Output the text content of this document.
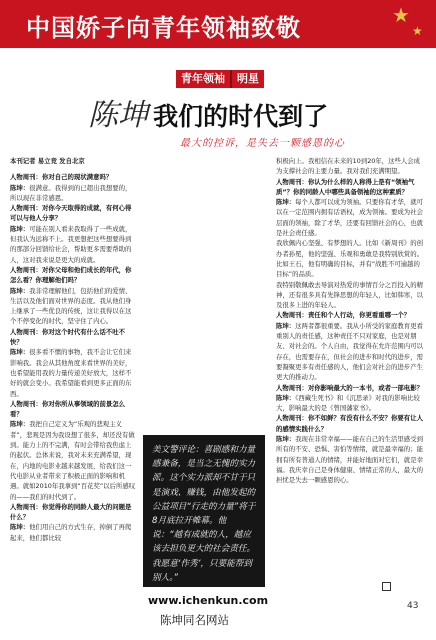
中国娇子向青年领袖致敬	★
★
青年领袖	明星
陈坤 我们的时代到了
最大的控诉，是失去一颗感恩的心

本刊记者 易立竞 发自北京

人物周刊：你对自己的现状满意吗？

陈坤：很满意。我得到的已超出我想要的，所以现在非常感恩。

人物周刊：对你今天取得的成就，有何心得可以与他人分享？

陈坤：可能在别人看来我取得了一些成就，但我认为远称不上。我更想把这些想要得到的那部分回馈给社会，帮助更多需要帮助的人，这对我来说是更大的成就。

人物周刊：对你父母和他们成长的年代，你怎么看？你理解他们吗？

陈坤：我非常理解他们，包括他们的爱情、生活以及他们面对世界的态度。我从他们身上继承了一些优良的传统，这让我得以在这个不停变化的时代，坚守住了内心。

人物周刊：你对这个时代有什么话不吐不快？

陈坤：很多看不惯的事物，我不会让它们来影响我。我会从其他角度来看世界的美好，也希望能用我的力量传递美好放大，这样不好的就会变小。我希望能看到更多正面的东西。

人物周刊：你对你所从事领域的前景怎么看？

陈坤：我把自己定义为“乐观的悲观主义者”，悲观是因为我设想了很多，却还没有做到。能力上的不完满，有时会带给我焦虑上的起伏。总体来说，我对未来充满希望，现在，内地的电影业越来越发展，给我们这一代电影从业者带来了积极正面的影响和机遇。就如2010年我拿到“百花奖”以后所感叹的——我们的时代到了。

人物周刊：你觉得你的同龄人最大的问题是什么？

陈坤：他们用自己的方式生存，掉倒了再爬起来，他们都比较

积极向上。我相信在未来的10到20年，这些人会成为支撑社会的主要力量。我对我们充满期望。

人物周刊：你认为什么样的人称得上是有“领袖气质”？你的同龄人中哪些具备领袖的这种素质？

陈坤：每个人都可以成为领袖。只要你有才华，就可以在一定范围内拥有话语权，成为领袖。要成为社会层面的领袖，除了才华，还要有回馈社会的心，也就是社会责任感。

我欣佩内心坚强、有梦想的人。比如《新周刊》的创办者孙冕，他的坚强、乐观和勇敢是我特别欣赏的。比如王石，他有明确的目标，并有“战胜不可逾越的目标”的品质。

我特别敬佩敢去导演对热爱的事情百分之百投入的精神，还有很多具有先锋思想的年轻人，比如韩寒，以及很多上进的年轻人。

人物周刊：责任和个人行动，你更看重哪一个？

陈坤：这两者都很重要。我从小所受的家庭教育更看重别人的责任感，这种责任不只对家庭，也是对朋友、对社会的。个人自由，我觉得在允许范围内可以存在，也需要存在，但社会的进步和时代的进步，需要凝聚更多有责任感的人，他们会对社会的进步产生更大的推动力。

人物周刊：对你影响最大的一本书，或者一部电影？

陈坤：《西藏生死书》和《沉思录》对我的影响比较大，影响最大的是《曾国藩家书》。

人物周刊：你不如鲜？有没有什么不安？你要有让人的感情实践什么？

陈坤：我现在非常幸福——能在自己的生活里感受到所有的不安、恐惧、害怕等情绪，就是最幸福的；能拥有所有普通人的情绪，并能好地面对它们，就是幸福。我庆幸自己是身体健康、情绪正常的人，最大的担忧是失去一颗感恩的心。

美文警评论：喜剧感和力量感兼备，是当之无愧的实力派。这个实力派却不甘于只是演戏、赚钱，由他发起的公益项目“行走的力量”将于8月底拉开帷幕。他说：“越有成就的人，越应该去担负更大的社会责任。我愿意‘作秀’，只要能帮到别人。”
www.ichenkun.com
陈坤同名网站
43
